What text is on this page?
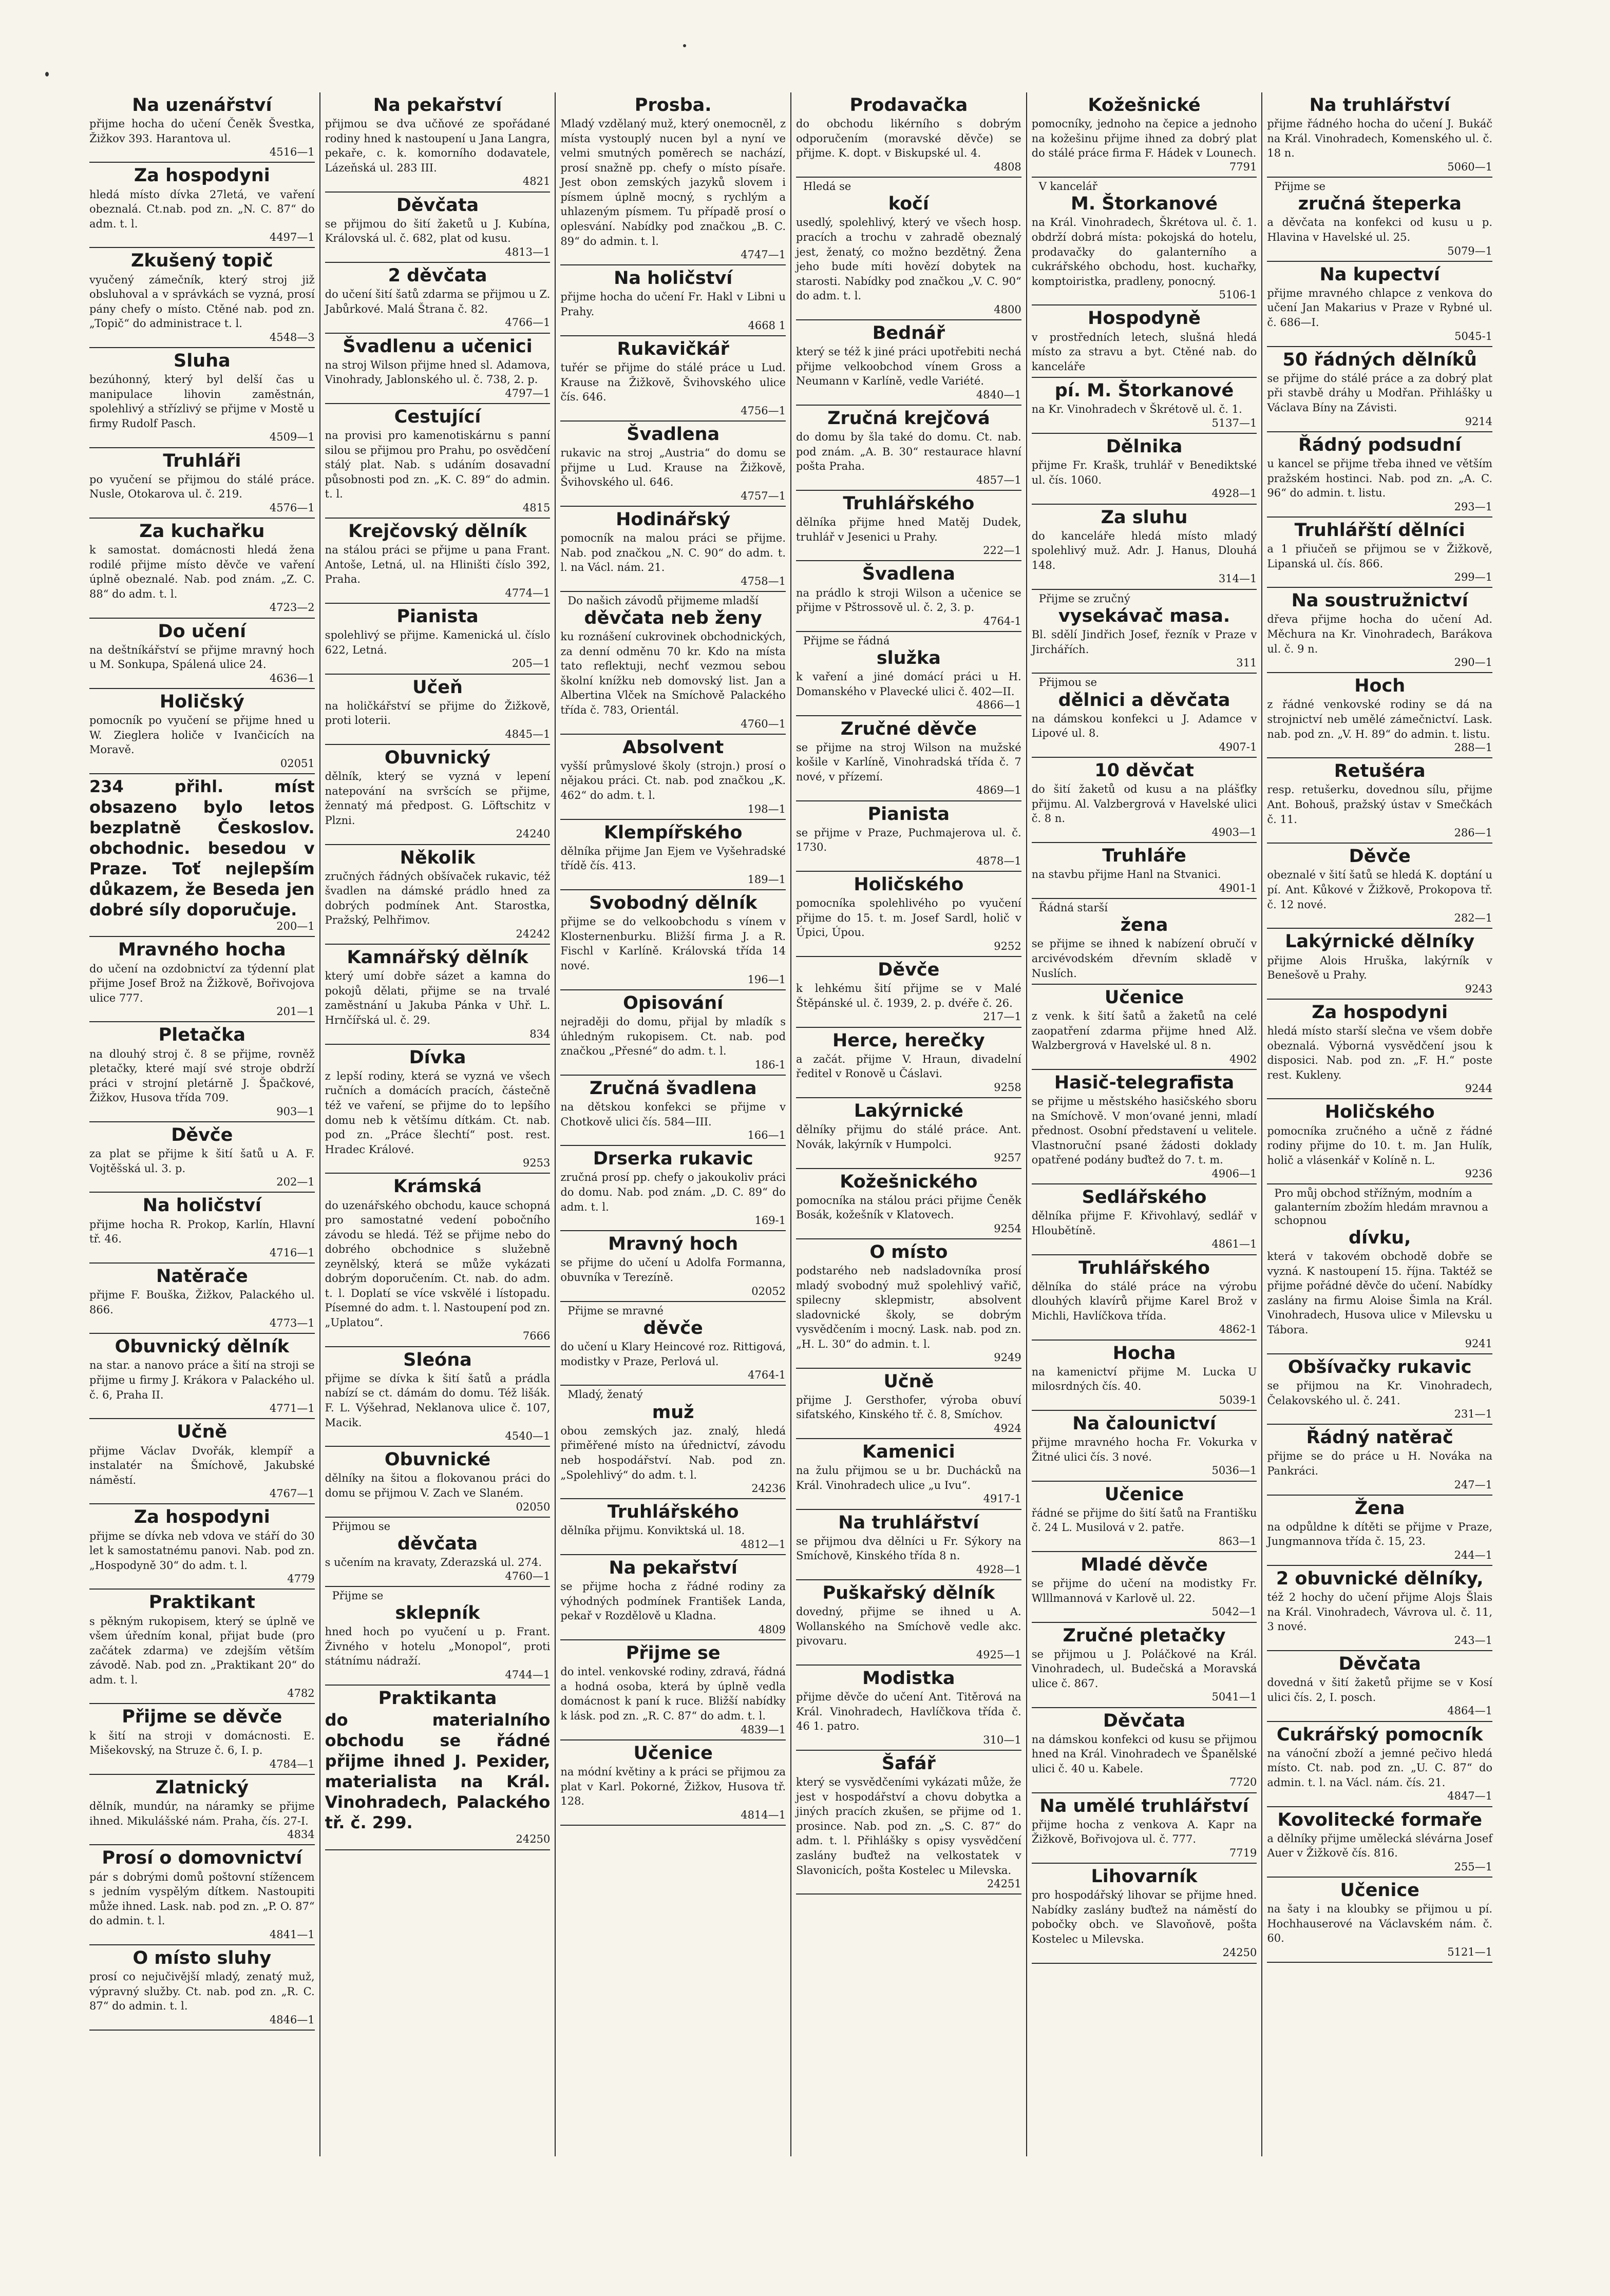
Na uzenářství
přijme hocha do učení Čeněk Švestka, Žižkov 393. Harantova ul.
4516—1
Za hospodyni
hledá místo dívka 27letá, ve vaření obeznalá. Ct.nab. pod zn. „N. C. 87“ do adm. t. l.
4497—1
Zkušený topič
vyučený zámečník, který stroj již obsluhoval a v správkách se vyzná, prosí pány chefy o místo. Ctěné nab. pod zn. „Topič“ do administrace t. l.
4548—3
Sluha
bezúhonný, který byl delší čas u manipulace lihovin zaměstnán, spolehlivý a střízlivý se přijme v Mostě u firmy Rudolf Pasch.
4509—1
Truhláři
po vyučení se přijmou do stálé práce. Nusle, Otokarova ul. č. 219.
4576—1
Za kuchařku
k samostat. domácnosti hledá žena rodilé přijme místo děvče ve vaření úplně obeznalé. Nab. pod znám. „Z. C. 88“ do adm. t. l.
4723—2
Do učení
na deštníkářství se přijme mravný hoch u M. Sonkupa, Spálená ulice 24.
4636—1
Holičský
pomocník po vyučení se přijme hned u W. Zieglera holiče v Ivančicích na Moravě.
02051
234 přihl. míst obsazeno bylo letos bezplatně Českoslov. obchodnic. besedou v Praze. Toť nejlepším důkazem, že Beseda jen dobré síly doporučuje.
200—1
Mravného hocha
do učení na ozdobnictví za týdenní plat přijme Josef Brož na Žižkově, Bořivojova ulice 777.
201—1
Pletačka
na dlouhý stroj č. 8 se přijme, rovněž pletačky, které mají své stroje obdrží práci v strojní pletárně J. Špačkové, Žižkov, Husova třída 709.
903—1
Děvče
za plat se přijme k šití šatů u A. F. Vojtěšská ul. 3. p.
202—1
Na holičství
přijme hocha R. Prokop, Karlín, Hlavní tř. 46.
4716—1
Natěrače
přijme F. Bouška, Žižkov, Palackého ul. 866.
4773—1
Obuvnický dělník
na star. a nanovo práce a šití na stroji se přijme u firmy J. Krákora v Palackého ul. č. 6, Praha II.
4771—1
Učně
přijme Václav Dvořák, klempíř a instalatér na Šmíchově, Jakubské náměstí.
4767—1
Za hospodyni
přijme se dívka neb vdova ve stáří do 30 let k samostatnému panovi. Nab. pod zn. „Hospodyně 30“ do adm. t. l.
4779
Praktikant
s pěkným rukopisem, který se úplně ve všem úředním konal, přijat bude (pro začátek zdarma) ve zdejším větším závodě. Nab. pod zn. „Praktikant 20“ do adm. t. l.
4782
Přijme se děvče
k šití na stroji v domácnosti. E. Mišekovský, na Struze č. 6, I. p.
4784—1
Zlatnický
dělník, mundúr, na náramky se přijme ihned. Mikulášské nám. Praha, čís. 27-I.
4834
Prosí o domovnictví
pár s dobrými domů poštovní stížencem s jedním vyspělým dítkem. Nastoupiti může ihned. Lask. nab. pod zn. „P. O. 87“ do admin. t. l.
4841—1
O místo sluhy
prosí co nejučivější mladý, zenatý muž, výpravný služby. Ct. nab. pod zn. „R. C. 87“ do admin. t. l.
4846—1
Na pekařství
přijmou se dva učňové ze spořádané rodiny hned k nastoupení u Jana Langra, pekaře, c. k. komorního dodavatele, Lázeňská ul. 283 III.
4821
Děvčata
se přijmou do šití žaketů u J. Kubína, Královská ul. č. 682, plat od kusu.
4813—1
2 děvčata
do učení šití šatů zdarma se přijmou u Z. Jabůrkové. Malá Štrana č. 82.
4766—1
Švadlenu a učenici
na stroj Wilson přijme hned sl. Adamova, Vinohrady, Jablonského ul. č. 738, 2. p.
4797—1
Cestující
na provisi pro kamenotiskárnu s panní silou se přijmou pro Prahu, po osvědčení stálý plat. Nab. s udáním dosavadní působnosti pod zn. „K. C. 89“ do admin. t. l.
4815
Krejčovský dělník
na stálou práci se přijme u pana Frant. Antoše, Letná, ul. na Hliništi číslo 392, Praha.
4774—1
Pianista
spolehlivý se přijme. Kamenická ul. číslo 622, Letná.
205—1
Učeň
na holičkářství se přijme do Žižkově, proti loterii.
4845—1
Obuvnický
dělník, který se vyzná v lepení natepování na svršcích se přijme, žennatý má předpost. G. Löftschitz v Plzni.
24240
Několik
zručných řádných obšívaček rukavic, též švadlen na dámské prádlo hned za dobrých podmínek Ant. Starostka, Pražský, Pelhřimov.
24242
Kamnářský dělník
který umí dobře sázet a kamna do pokojů dělati, přijme se na trvalé zaměstnání u Jakuba Pánka v Uhř. L. Hrnčířská ul. č. 29.
834
Dívka
z lepší rodiny, která se vyzná ve všech ručních a domácích pracích, částečně též ve vaření, se přijme do to lepšího domu neb k většímu dítkám. Ct. nab. pod zn. „Práce šlechtí“ post. rest. Hradec Králové.
9253
Krámská
do uzenářského obchodu, kauce schopná pro samostatné vedení pobočního závodu se hledá. Též se přijme nebo do dobrého obchodnice s služebně zeynělský, která se může vykázati dobrým doporučením. Ct. nab. do adm. t. l. Doplatí se více vskvělé i lístopadu. Písemné do adm. t. l. Nastoupení pod zn. „Uplatou“.
7666
Sleóna
přijme se dívka k šití šatů a prádla nabízí se ct. dámám do domu. Též lišák. F. L. Výšehrad, Neklanova ulice č. 107, Macik.
4540—1
Obuvnické
dělníky na šitou a flokovanou práci do domu se přijmou V. Zach ve Slaném.
02050
Přijmou se
děvčata
s učením na kravaty, Zderazská ul. 274.
4760—1
Přijme se
sklepník
hned hoch po vyučení u p. Frant. Živného v hotelu „Monopol“, proti státnímu nádraží.
4744—1
Praktikanta
do materialního obchodu se řádné přijme ihned J. Pexider, materialista na Král. Vinohradech, Palackého tř. č. 299.
24250
Prosba.
Mladý vzdělaný muž, který onemocněl, z místa vystouplý nucen byl a nyní ve velmi smutných poměrech se nachází, prosí snažně pp. chefy o místo písaře. Jest obon zemských jazyků slovem i písmem úplně mocný, s rychlým a uhlazeným písmem. Tu případě prosí o oplesvání. Nabídky pod značkou „B. C. 89“ do admin. t. l.
4747—1
Na holičství
přijme hocha do učení Fr. Hakl v Libni u Prahy.
4668 1
Rukavičkář
tuřér se přijme do stálé práce u Lud. Krause na Žižkově, Švihovského ulice čís. 646.
4756—1
Švadlena
rukavic na stroj „Austria“ do domu se přijme u Lud. Krause na Žižkově, Švihovského ul. 646.
4757—1
Hodinářský
pomocník na malou práci se přijme. Nab. pod značkou „N. C. 90“ do adm. t. l. na Václ. nám. 21.
4758—1
Do našich závodů přijmeme mladší
děvčata neb ženy
ku roznášení cukrovinek obchodnických, za denní odměnu 70 kr. Kdo na místa tato reflektuji, nechť vezmou sebou školní knížku neb domovský list. Jan a Albertina Vlček na Smíchově Palackého třída č. 783, Orientál.
4760—1
Absolvent
vyšší průmyslové školy (strojn.) prosí o nějakou práci. Ct. nab. pod značkou „K. 462“ do adm. t. l.
198—1
Klempířského
dělníka přijme Jan Ejem ve Vyšehradské třídě čís. 413.
189—1
Svobodný dělník
přijme se do velkoobchodu s vínem v Klosternenburku. Bližší firma J. a R. Fischl v Karlíně. Královská třída 14 nové.
196—1
Opisování
nejraději do domu, přijal by mladík s úhledným rukopisem. Ct. nab. pod značkou „Přesné“ do adm. t. l.
186-1
Zručná švadlena
na dětskou konfekci se přijme v Chotkově ulici čís. 584—III.
166—1
Drserka rukavic
zručná prosí pp. chefy o jakoukoliv práci do domu. Nab. pod znám. „D. C. 89“ do adm. t. l.
169-1
Mravný hoch
se přijme do učení u Adolfa Formanna, obuvníka v Terezíně.
02052
Přijme se mravné
děvče
do učení u Klary Heincové roz. Rittigová, modistky v Praze, Perlová ul.
4764-1
Mladý, ženatý
muž
obou zemských jaz. znalý, hledá přiměřené místo na úřednictví, závodu neb hospodářství. Nab. pod zn. „Spolehlivý“ do adm. t. l.
24236
Truhlářského
dělníka přijmu. Konviktská ul. 18.
4812—1
Na pekařství
se přijme hocha z řádné rodiny za výhodných podmínek František Landa, pekař v Rozdělově u Kladna.
4809
Přijme se
do intel. venkovské rodiny, zdravá, řádná a hodná osoba, která by úplně vedla domácnost k paní k ruce. Bližší nabídky k lásk. pod zn. „R. C. 87“ do adm. t. l.
4839—1
Učenice
na módní květiny a k práci se přijmou za plat v Karl. Pokorné, Žižkov, Husova tř. 128.
4814—1
Prodavačka
do obchodu likérního s dobrým odporučením (moravské děvče) se přijme. K. dopt. v Biskupské ul. 4.
4808
Hledá se
kočí
usedlý, spolehlivý, který ve všech hosp. pracích a trochu v zahradě obeznalý jest, ženatý, co možno bezdětný. Žena jeho bude míti hovězí dobytek na starosti. Nabídky pod značkou „V. C. 90“ do adm. t. l.
4800
Bednář
který se též k jiné práci upotřebiti nechá přijme velkoobchod vínem Gross a Neumann v Karlíně, vedle Variété.
4840—1
Zručná krejčová
do domu by šla také do domu. Ct. nab. pod znám. „A. B. 30“ restaurace hlavní pošta Praha.
4857—1
Truhlářského
dělníka přijme hned Matěj Dudek, truhlář v Jesenici u Prahy.
222—1
Švadlena
na prádlo k stroji Wilson a učenice se přijme v Pštrossově ul. č. 2, 3. p.
4764-1
Přijme se řádná
služka
k vaření a jiné domácí práci u H. Domanského v Plavecké ulici č. 402—II.
4866—1
Zručné děvče
se přijme na stroj Wilson na mužské košile v Karlíně, Vinohradská třída č. 7 nové, v přízemí.
4869—1
Pianista
se přijme v Praze, Puchmajerova ul. č. 1730.
4878—1
Holičského
pomocníka spolehlivého po vyučení přijme do 15. t. m. Josef Sardl, holič v Úpici, Úpou.
9252
Děvče
k lehkému šití přijme se v Malé Štěpánské ul. č. 1939, 2. p. dvéře č. 26.
217—1
Herce, herečky
a začát. přijme V. Hraun, divadelní ředitel v Ronově u Čáslavi.
9258
Lakýrnické
dělníky přijmu do stálé práce. Ant. Novák, lakýrník v Humpolci.
9257
Kožešnického
pomocníka na stálou práci přijme Čeněk Bosák, kožešník v Klatovech.
9254
O místo
podstarého neb nadsladovníka prosí mladý svobodný muž spolehlivý vařič, spilecny sklepmistr, absolvent sladovnické školy, se dobrým vysvědčením i mocný. Lask. nab. pod zn. „H. L. 30“ do admin. t. l.
9249
Učně
přijme J. Gersthofer, výroba obuví sifatského, Kinského tř. č. 8, Smíchov.
4924
Kamenici
na žulu přijmou se u br. Duchácků na Král. Vinohradech ulice „u Ivu“.
4917-1
Na truhlářství
se přijmou dva dělníci u Fr. Sýkory na Smíchově, Kinského třída 8 n.
4928—1
Puškařský dělník
dovedný, přijme se ihned u A. Wollanského na Smíchově vedle akc. pivovaru.
4925—1
Modistka
přijme děvče do učení Ant. Titěrová na Král. Vinohradech, Havlíčkova třída č. 46 1. patro.
310—1
Šafář
který se vysvědčeními vykázati může, že jest v hospodářství a chovu dobytka a jiných pracích zkušen, se přijme od 1. prosince. Nab. pod zn. „S. C. 87“ do adm. t. l. Přihlášky s opisy vysvědčení zaslány buďtež na velkostatek v Slavonicích, pošta Kostelec u Milevska.
24251
Kožešnické
pomocníky, jednoho na čepice a jednoho na kožešinu přijme ihned za dobrý plat do stálé práce firma F. Hádek v Lounech.
7791
V kancelář
M. Štorkanové
na Král. Vinohradech, Škrétova ul. č. 1. obdrží dobrá místa: pokojská do hotelu, prodavačky do galanterního a cukrářského obchodu, host. kuchařky, komptoiristka, pradleny, ponocný.
5106-1
Hospodyně
v prostředních letech, slušná hledá místo za stravu a byt. Ctěné nab. do kanceláře
pí. M. Štorkanové
na Kr. Vinohradech v Škrétově ul. č. 1.
5137—1
Dělnika
přijme Fr. Krašk, truhlář v Benediktské ul. čís. 1060.
4928—1
Za sluhu
do kanceláře hledá místo mladý spolehlivý muž. Adr. J. Hanus, Dlouhá 148.
314—1
Přijme se zručný
vysekávač masa.
Bl. sdělí Jindřich Josef, řezník v Praze v Jirchářích.
311
Přijmou se
dělnici a děvčata
na dámskou konfekci u J. Adamce v Lipové ul. 8.
4907-1
10 děvčat
do šití žaketů od kusu a na plášťky přijmu. Al. Valzbergrová v Havelské ulici č. 8 n.
4903—1
Truhláře
na stavbu přijme Hanl na Stvanici.
4901-1
Řádná starší
žena
se přijme se ihned k nabízení obručí v arcivévodském dřevním skladě v Nuslích.
Učenice
z venk. k šití šatů a žaketů na celé zaopatření zdarma přijme hned Alž. Walzbergrová v Havelské ul. 8 n.
4902
Hasič-telegrafista
se přijme u městského hasičského sboru na Smíchově. V mon‘ované jenni, mladí přednost. Osobní představení u velitele. Vlastnoruční psané žádosti doklady opatřené podány buďtež do 7. t. m.
4906—1
Sedlářského
dělníka přijme F. Křivohlavý, sedlář v Hloubětíně.
4861—1
Truhlářského
dělníka do stálé práce na výrobu dlouhých klavírů přijme Karel Brož v Michli, Havlíčkova třída.
4862-1
Hocha
na kamenictví přijme M. Lucka U milosrdných čís. 40.
5039-1
Na čalounictví
přijme mravného hocha Fr. Vokurka v Žitné ulici čís. 3 nové.
5036—1
Učenice
řádné se přijme do šití šatů na Františku č. 24 L. Musilová v 2. patře.
863—1
Mladé děvče
se přijme do učení na modistky Fr. Wlllmannová v Karlově ul. 22.
5042—1
Zručné pletačky
se přijmou u J. Poláčkové na Král. Vinohradech, ul. Budečská a Moravská ulice č. 867.
5041—1
Děvčata
na dámskou konfekci od kusu se přijmou hned na Král. Vinohradech ve Španělské ulici č. 40 u. Kabele.
7720
Na umělé truhlářství
přijme hocha z venkova A. Kapr na Žižkově, Bořivojova ul. č. 777.
7719
Lihovarník
pro hospodářský lihovar se přijme hned. Nabídky zaslány buďtež na náměstí do pobočky obch. ve Slavoňově, pošta Kostelec u Milevska.
24250
Na truhlářství
přijme řádného hocha do učení J. Bukáč na Král. Vinohradech, Komenského ul. č. 18 n.
5060—1
Přijme se
zručná šteperka
a děvčata na konfekci od kusu u p. Hlavina v Havelské ul. 25.
5079—1
Na kupectví
přijme mravného chlapce z venkova do učení Jan Makarius v Praze v Rybné ul. č. 686—I.
5045-1
50 řádných dělníků
se přijme do stálé práce a za dobrý plat při stavbě dráhy u Modřan. Přihlášky u Václava Bíny na Závisti.
9214
Řádný podsudní
u kancel se přijme třeba ihned ve větším pražském hostinci. Nab. pod zn. „A. C. 96“ do admin. t. listu.
293—1
Truhlářští dělníci
a 1 přiučeň se přijmou se v Žižkově, Lipanská ul. čís. 866.
299—1
Na soustružnictví
dřeva přijme hocha do učení Ad. Měchura na Kr. Vinohradech, Barákova ul. č. 9 n.
290—1
Hoch
z řádné venkovské rodiny se dá na strojnictví neb umělé zámečnictví. Lask. nab. pod zn. „V. H. 89“ do admin. t. listu.
288—1
Retušéra
resp. retušerku, dovednou sílu, přijme Ant. Bohouš, pražský ústav v Smečkách č. 11.
286—1
Děvče
obeznalé v šití šatů se hledá K. doptání u pí. Ant. Kůkové v Žižkově, Prokopova tř. č. 12 nové.
282—1
Lakýrnické dělníky
přijme Alois Hruška, lakýrník v Benešově u Prahy.
9243
Za hospodyni
hledá místo starší slečna ve všem dobře obeznalá. Výborná vysvědčení jsou k disposici. Nab. pod zn. „F. H.“ poste rest. Kukleny.
9244
Holičského
pomocníka zručného a učně z řádné rodiny přijme do 10. t. m. Jan Hulík, holič a vlásenkář v Kolíně n. L.
9236
Pro můj obchod střížným, modním a galanterním zbožím hledám mravnou a schopnou
dívku,
která v takovém obchodě dobře se vyzná. K nastoupení 15. října. Taktéž se přijme pořádné děvče do učení. Nabídky zaslány na firmu Aloise Šimla na Král. Vinohradech, Husova ulice v Milevsku u Tábora.
9241
Obšívačky rukavic
se přijmou na Kr. Vinohradech, Čelakovského ul. č. 241.
231—1
Řádný natěrač
přijme se do práce u H. Nováka na Pankráci.
247—1
Žena
na odpůldne k dítěti se přijme v Praze, Jungmannova třída č. 15, 23.
244—1
2 obuvnické dělníky,
též 2 hochy do učení přijme Alojs Šlais na Král. Vinohradech, Vávrova ul. č. 11, 3 nové.
243—1
Děvčata
dovedná v šití žaketů přijme se v Kosí ulici čís. 2, I. posch.
4864—1
Cukrářský pomocník
na vánoční zboží a jemné pečivo hledá místo. Ct. nab. pod zn. „U. C. 87“ do admin. t. l. na Václ. nám. čís. 21.
4847—1
Kovolitecké formaře
a dělníky přijme umělecká slévárna Josef Auer v Žižkově čís. 816.
255—1
Učenice
na šaty i na kloubky se přijmou u pí. Hochhauserové na Václavském nám. č. 60.
5121—1
